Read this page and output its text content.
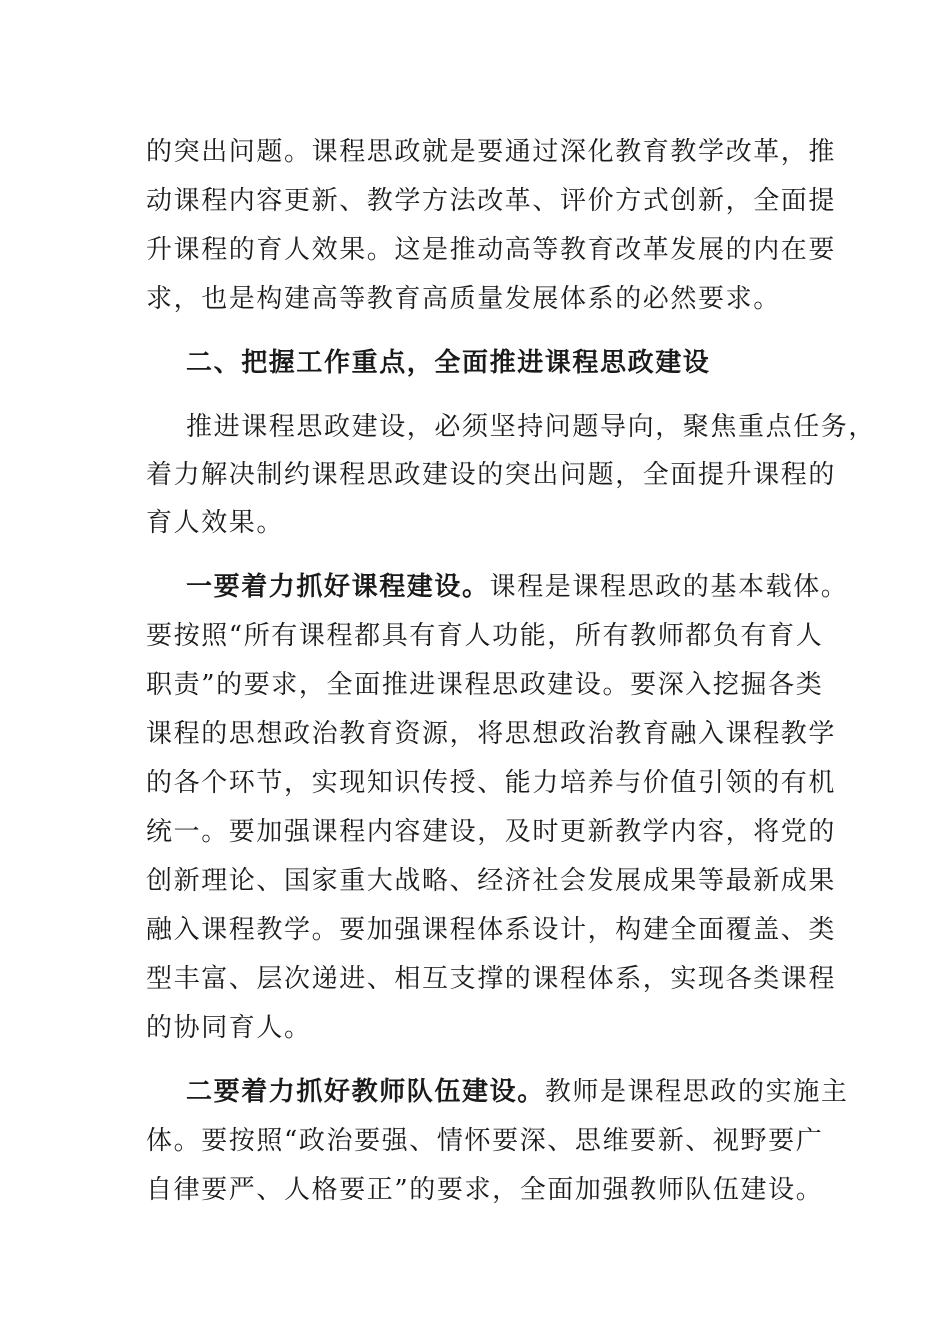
的突出问题。课程思政就是要通过深化教育教学改革，推
动课程内容更新、教学方法改革、评价方式创新，全面提
升课程的育人效果。这是推动高等教育改革发展的内在要
求，也是构建高等教育高质量发展体系的必然要求。
二、把握工作重点，全面推进课程思政建设
推进课程思政建设，必须坚持问题导向，聚焦重点任务，
着力解决制约课程思政建设的突出问题，全面提升课程的
育人效果。
一要着力抓好课程建设。课程是课程思政的基本载体。
要按照“所有课程都具有育人功能，所有教师都负有育人
职责”的要求，全面推进课程思政建设。要深入挖掘各类
课程的思想政治教育资源，将思想政治教育融入课程教学
的各个环节，实现知识传授、能力培养与价值引领的有机
统一。要加强课程内容建设，及时更新教学内容，将党的
创新理论、国家重大战略、经济社会发展成果等最新成果
融入课程教学。要加强课程体系设计，构建全面覆盖、类
型丰富、层次递进、相互支撑的课程体系，实现各类课程
的协同育人。
二要着力抓好教师队伍建设。教师是课程思政的实施主
体。要按照“政治要强、情怀要深、思维要新、视野要广
自律要严、人格要正”的要求，全面加强教师队伍建设。
